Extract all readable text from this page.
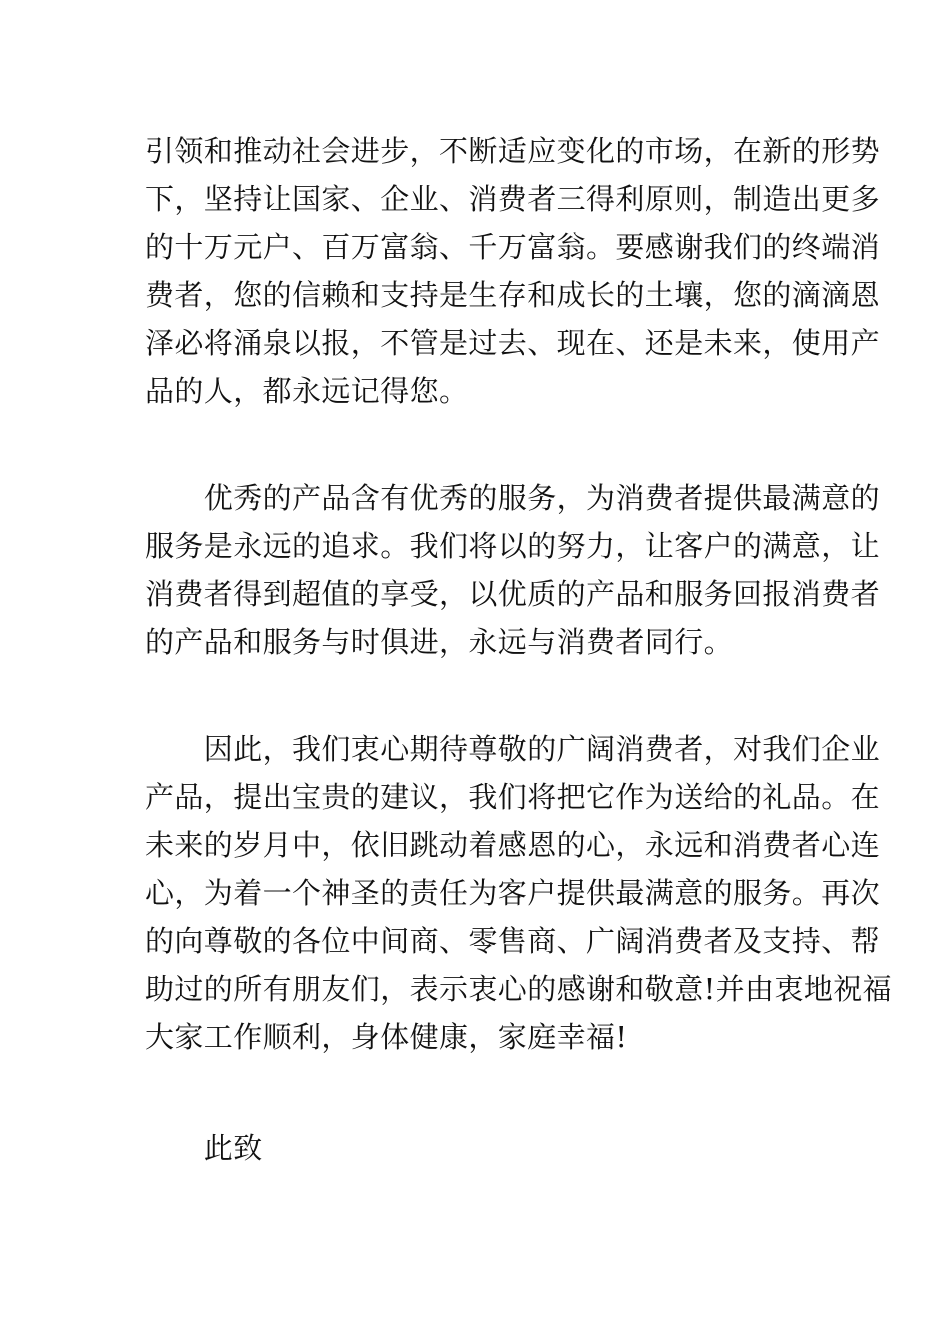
引领和推动社会进步，不断适应变化的市场，在新的形势
下，坚持让国家、企业、消费者三得利原则，制造出更多
的十万元户、百万富翁、千万富翁。要感谢我们的终端消
费者，您的信赖和支持是生存和成长的土壤，您的滴滴恩
泽必将涌泉以报，不管是过去、现在、还是未来，使用产
品的人，都永远记得您。
　　优秀的产品含有优秀的服务，为消费者提供最满意的
服务是永远的追求。我们将以的努力，让客户的满意，让
消费者得到超值的享受，以优质的产品和服务回报消费者
的产品和服务与时俱进，永远与消费者同行。
　　因此，我们衷心期待尊敬的广阔消费者，对我们企业
产品，提出宝贵的建议，我们将把它作为送给的礼品。在
未来的岁月中，依旧跳动着感恩的心，永远和消费者心连
心，为着一个神圣的责任为客户提供最满意的服务。再次
的向尊敬的各位中间商、零售商、广阔消费者及支持、帮
助过的所有朋友们，表示衷心的感谢和敬意!并由衷地祝福
大家工作顺利，身体健康，家庭幸福!
　　此致
